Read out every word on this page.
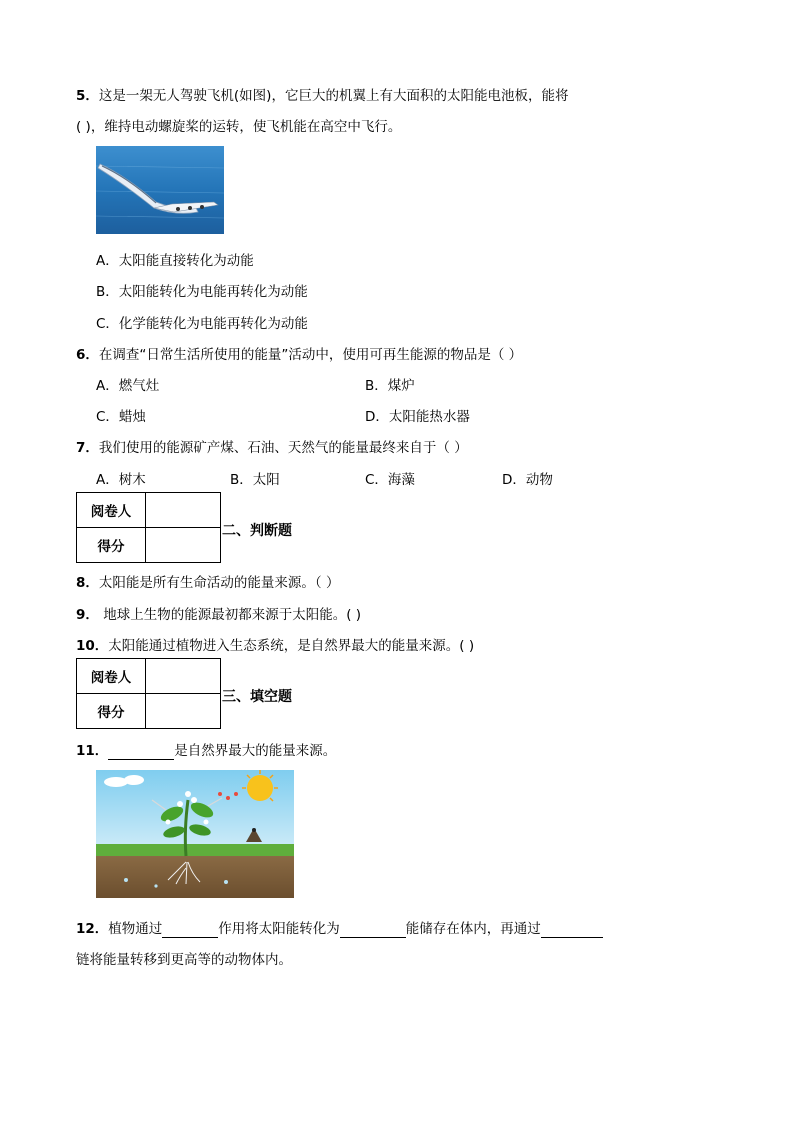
5．这是一架无人驾驶飞机(如图)，它巨大的机翼上有大面积的太阳能电池板，能将
( )，维持电动螺旋桨的运转，使飞机能在高空中飞行。
A．太阳能直接转化为动能
B．太阳能转化为电能再转化为动能
C．化学能转化为电能再转化为动能
6．在调查“日常生活所使用的能量”活动中，使用可再生能源的物品是（ ）
A．燃气灶	B．煤炉
C．蜡烛	D．太阳能热水器
7．我们使用的能源矿产煤、石油、天然气的能量最终来自于（ ）
A．树木	B．太阳	C．海藻	D．动物
阅卷人	
得分	
二、判断题
8．太阳能是所有生命活动的能量来源。（ ）
9． 地球上生物的能源最初都来源于太阳能。( )
10．太阳能通过植物进入生态系统，是自然界最大的能量来源。( )
阅卷人	
得分	
三、填空题
11．	是自然界最大的能量来源。
12．植物通过	作用将太阳能转化为	能储存在体内，再通过
链将能量转移到更高等的动物体内。
